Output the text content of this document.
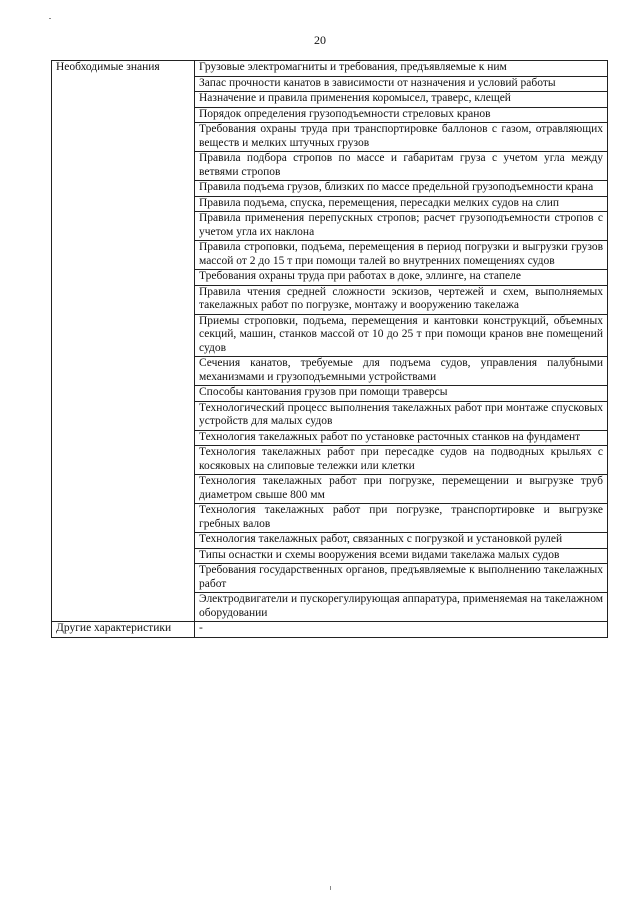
20
Необходимые знания	Грузовые электромагниты и требования, предъявляемые к ним
	Запас прочности канатов в зависимости от назначения и условий работы
	Назначение и правила применения коромысел, траверс, клещей
	Порядок определения грузоподъемности стреловых кранов
	Требования охраны труда при транспортировке баллонов с газом, отравляющих веществ и мелких штучных грузов
	Правила подбора стропов по массе и габаритам груза с учетом угла между ветвями стропов
	Правила подъема грузов, близких по массе предельной грузоподъемности крана
	Правила подъема, спуска, перемещения, пересадки мелких судов на слип
	Правила применения перепускных стропов; расчет грузоподъемности стропов с учетом угла их наклона
	Правила строповки, подъема, перемещения в период погрузки и выгрузки грузов массой от 2 до 15 т при помощи талей во внутренних помещениях судов
	Требования охраны труда при работах в доке, эллинге, на стапеле
	Правила чтения средней сложности эскизов, чертежей и схем, выполняемых такелажных работ по погрузке, монтажу и вооружению такелажа
	Приемы строповки, подъема, перемещения и кантовки конструкций, объемных секций, машин, станков массой от 10 до 25 т при помощи кранов вне помещений судов
	Сечения канатов, требуемые для подъема судов, управления палубными механизмами и грузоподъемными устройствами
	Способы кантования грузов при помощи траверсы
	Технологический процесс выполнения такелажных работ при монтаже спусковых устройств для малых судов
	Технология такелажных работ по установке расточных станков на фундамент
	Технология такелажных работ при пересадке судов на подводных крыльях с косяковых на слиповые тележки или клетки
	Технология такелажных работ при погрузке, перемещении и выгрузке труб диаметром свыше 800 мм
	Технология такелажных работ при погрузке, транспортировке и выгрузке гребных валов
	Технология такелажных работ, связанных с погрузкой и установкой рулей
	Типы оснастки и схемы вооружения всеми видами такелажа малых судов
	Требования государственных органов, предъявляемые к выполнению такелажных работ
	Электродвигатели и пускорегулирующая аппаратура, применяемая на такелажном оборудовании
Другие характеристики	-
